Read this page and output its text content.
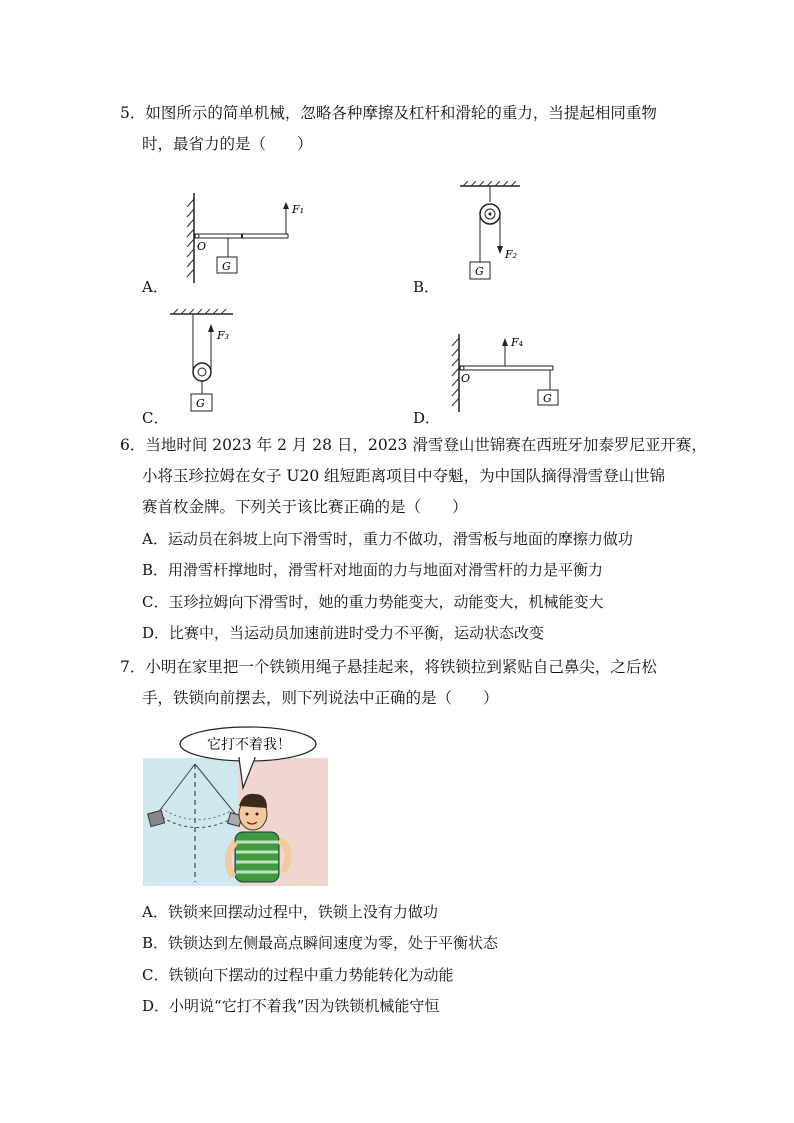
5．如图所示的简单机械，忽略各种摩擦及杠杆和滑轮的重力，当提起相同重物
时，最省力的是（　　）
G
F₁
O
A．
F₂
G
B．
F₃
G
C．
F₄
G
O
D．
6．当地时间 2023 年 2 月 28 日，2023 滑雪登山世锦赛在西班牙加泰罗尼亚开赛，
小将玉珍拉姆在女子 U20 组短距离项目中夺魁，为中国队摘得滑雪登山世锦
赛首枚金牌。下列关于该比赛正确的是（　　）
A．运动员在斜坡上向下滑雪时，重力不做功，滑雪板与地面的摩擦力做功
B．用滑雪杆撑地时，滑雪杆对地面的力与地面对滑雪杆的力是平衡力
C．玉珍拉姆向下滑雪时，她的重力势能变大，动能变大，机械能变大
D．比赛中，当运动员加速前进时受力不平衡，运动状态改变
7．小明在家里把一个铁锁用绳子悬挂起来，将铁锁拉到紧贴自己鼻尖，之后松
手，铁锁向前摆去，则下列说法中正确的是（　　）
它打不着我！
A．铁锁来回摆动过程中，铁锁上没有力做功
B．铁锁达到左侧最高点瞬间速度为零，处于平衡状态
C．铁锁向下摆动的过程中重力势能转化为动能
D．小明说“它打不着我”因为铁锁机械能守恒
